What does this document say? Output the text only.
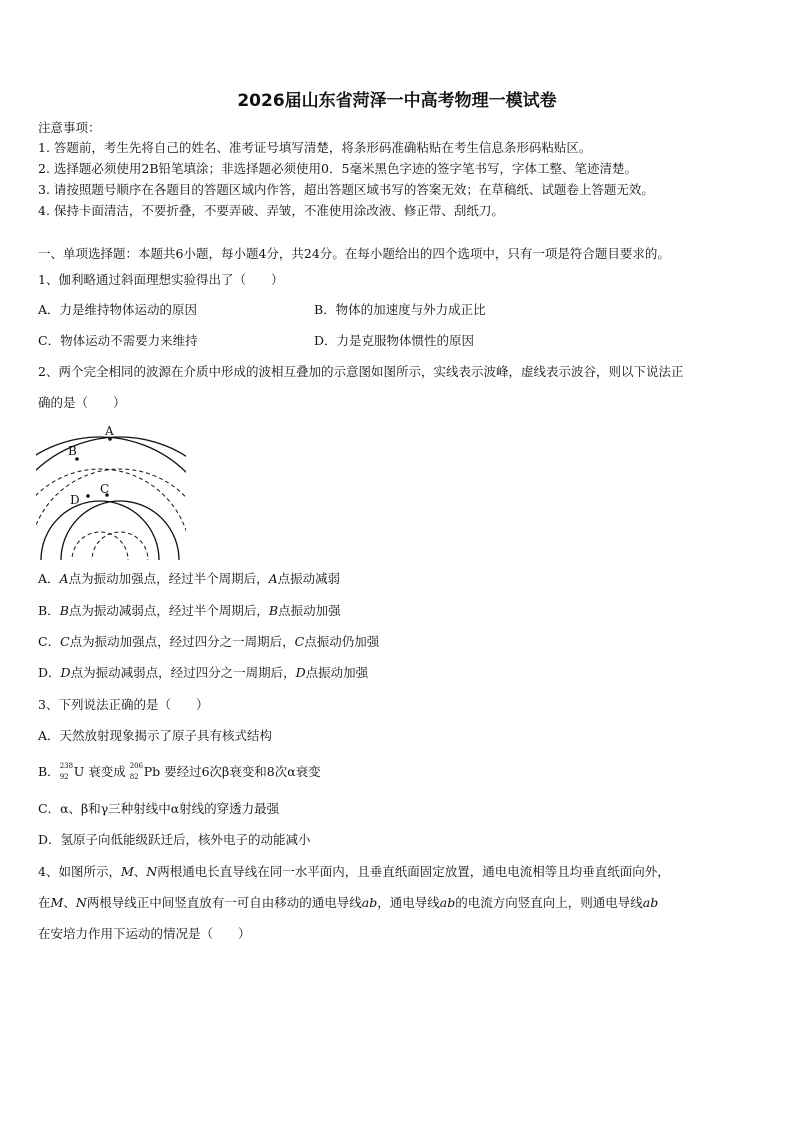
2026届山东省菏泽一中高考物理一模试卷
注意事项：
1. 答题前，考生先将自己的姓名、准考证号填写清楚，将条形码准确粘贴在考生信息条形码粘贴区。
2. 选择题必须使用2B铅笔填涂；非选择题必须使用0．5毫米黑色字迹的签字笔书写，字体工整、笔迹清楚。
3. 请按照题号顺序在各题目的答题区域内作答，超出答题区域书写的答案无效；在草稿纸、试题卷上答题无效。
4. 保持卡面清洁，不要折叠，不要弄破、弄皱，不准使用涂改液、修正带、刮纸刀。
一、单项选择题：本题共6小题，每小题4分，共24分。在每小题给出的四个选项中，只有一项是符合题目要求的。
1、伽利略通过斜面理想实验得出了（　　）
A．力是维持物体运动的原因	B．物体的加速度与外力成正比
C．物体运动不需要力来维持	D．力是克服物体惯性的原因
2、两个完全相同的波源在介质中形成的波相互叠加的示意图如图所示，实线表示波峰，虚线表示波谷，则以下说法正
确的是（　　）
A
B
C
D
A．A点为振动加强点，经过半个周期后，A点振动减弱
B．B点为振动减弱点，经过半个周期后，B点振动加强
C．C点为振动加强点，经过四分之一周期后，C点振动仍加强
D．D点为振动减弱点，经过四分之一周期后，D点振动加强
3、下列说法正确的是（　　）
A．天然放射现象揭示了原子具有核式结构
B． 238
92 U 衰变成 206
82 Pb 要经过6次β衰变和8次α衰变
C．α、β和γ三种射线中α射线的穿透力最强
D．氢原子向低能级跃迁后，核外电子的动能减小
4、如图所示，M、N两根通电长直导线在同一水平面内，且垂直纸面固定放置，通电电流相等且均垂直纸面向外，
在M、N两根导线正中间竖直放有一可自由移动的通电导线ab，通电导线ab的电流方向竖直向上，则通电导线ab
在安培力作用下运动的情况是（　　）
